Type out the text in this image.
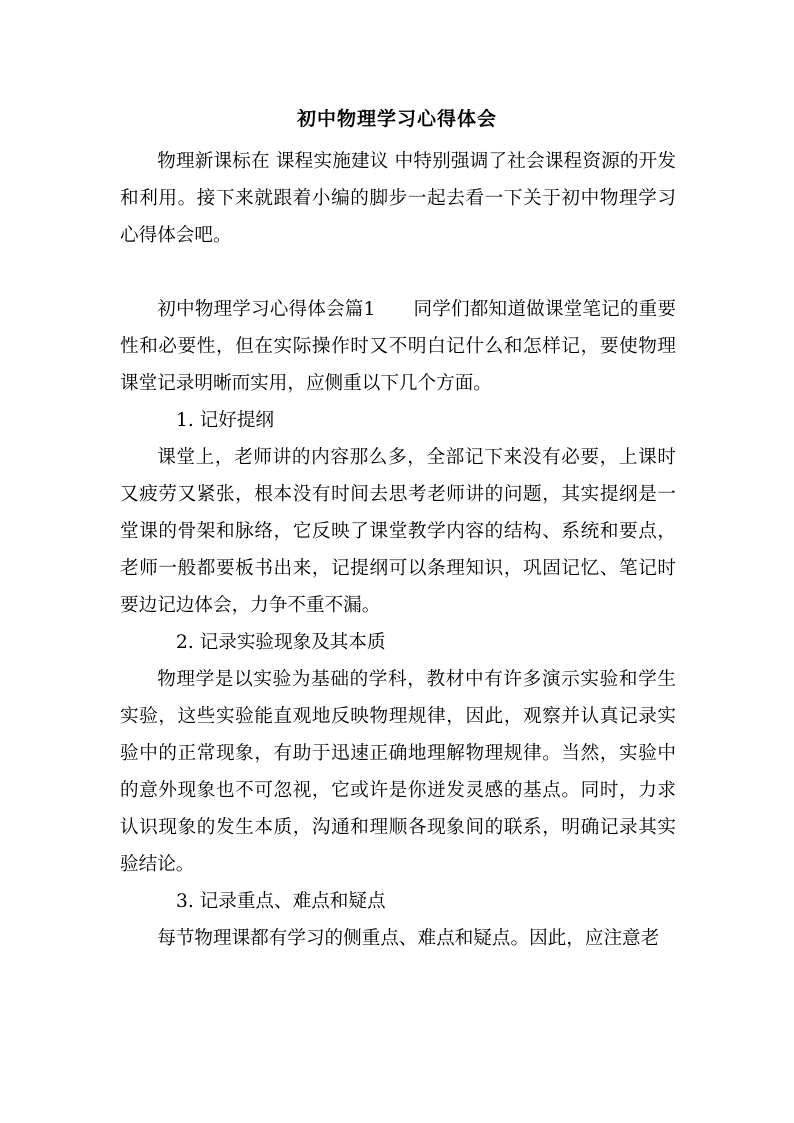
初中物理学习心得体会

物理新课标在 课程实施建议 中特别强调了社会课程资源的开发和利用。接下来就跟着小编的脚步一起去看一下关于初中物理学习心得体会吧。

初中物理学习心得体会篇1 同学们都知道做课堂笔记的重要性和必要性，但在实际操作时又不明白记什么和怎样记，要使物理课堂记录明晰而实用，应侧重以下几个方面。

1. 记好提纲

课堂上，老师讲的内容那么多，全部记下来没有必要，上课时又疲劳又紧张，根本没有时间去思考老师讲的问题，其实提纲是一堂课的骨架和脉络，它反映了课堂教学内容的结构、系统和要点，老师一般都要板书出来，记提纲可以条理知识，巩固记忆、笔记时要边记边体会，力争不重不漏。

2. 记录实验现象及其本质

物理学是以实验为基础的学科，教材中有许多演示实验和学生实验，这些实验能直观地反映物理规律，因此，观察并认真记录实验中的正常现象，有助于迅速正确地理解物理规律。当然，实验中的意外现象也不可忽视，它或许是你迸发灵感的基点。同时，力求认识现象的发生本质，沟通和理顺各现象间的联系，明确记录其实验结论。

3. 记录重点、难点和疑点

每节物理课都有学习的侧重点、难点和疑点。因此，应注意老
